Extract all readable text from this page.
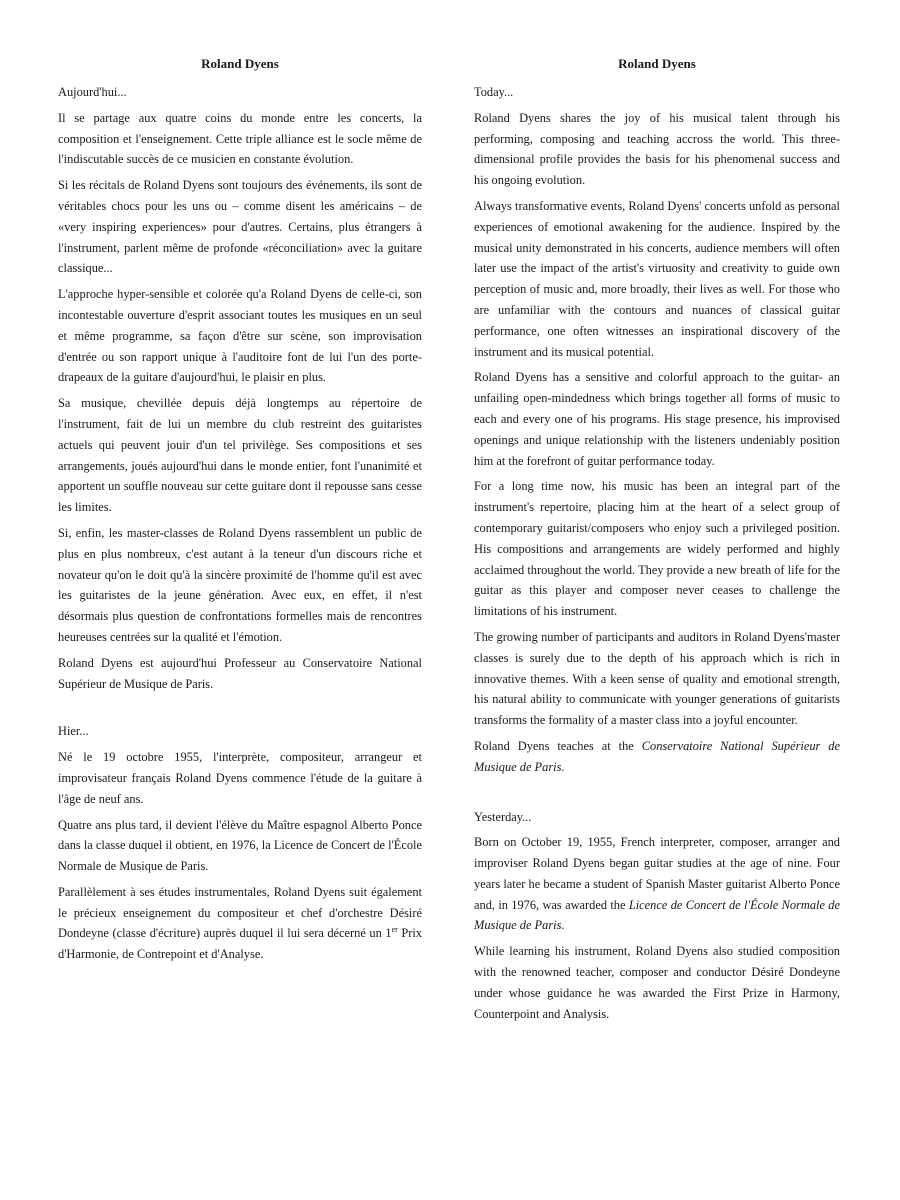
Roland Dyens
Aujourd'hui...
Il se partage aux quatre coins du monde entre les concerts, la composition et l'enseignement. Cette triple alliance est le socle même de l'indiscutable succès de ce musicien en constante évolution.
Si les récitals de Roland Dyens sont toujours des événements, ils sont de véritables chocs pour les uns ou – comme disent les américains – de «very inspiring experiences» pour d'autres. Certains, plus étrangers à l'instrument, parlent même de profonde «réconciliation» avec la guitare classique...
L'approche hyper-sensible et colorée qu'a Roland Dyens de celle-ci, son incontestable ouverture d'esprit associant toutes les musiques en un seul et même programme, sa façon d'être sur scène, son improvisation d'entrée ou son rapport unique à l'auditoire font de lui l'un des porte-drapeaux de la guitare d'aujourd'hui, le plaisir en plus.
Sa musique, chevillée depuis déjà longtemps au répertoire de l'instrument, fait de lui un membre du club restreint des guitaristes actuels qui peuvent jouir d'un tel privilège. Ses compositions et ses arrangements, joués aujourd'hui dans le monde entier, font l'unanimité et apportent un souffle nouveau sur cette guitare dont il repousse sans cesse les limites.
Si, enfin, les master-classes de Roland Dyens rassemblent un public de plus en plus nombreux, c'est autant à la teneur d'un discours riche et novateur qu'on le doit qu'à la sincère proximité de l'homme qu'il est avec les guitaristes de la jeune génération. Avec eux, en effet, il n'est désormais plus question de confrontations formelles mais de rencontres heureuses centrées sur la qualité et l'émotion.
Roland Dyens est aujourd'hui Professeur au Conservatoire National Supérieur de Musique de Paris.
Hier...
Né le 19 octobre 1955, l'interprète, compositeur, arrangeur et improvisateur français Roland Dyens commence l'étude de la guitare à l'âge de neuf ans.
Quatre ans plus tard, il devient l'élève du Maître espagnol Alberto Ponce dans la classe duquel il obtient, en 1976, la Licence de Concert de l'École Normale de Musique de Paris.
Parallèlement à ses études instrumentales, Roland Dyens suit également le précieux enseignement du compositeur et chef d'orchestre Désiré Dondeyne (classe d'écriture) auprès duquel il lui sera décerné un 1er Prix d'Harmonie, de Contrepoint et d'Analyse.
Roland Dyens
Today...
Roland Dyens shares the joy of his musical talent through his performing, composing and teaching accross the world. This three-dimensional profile provides the basis for his phenomenal success and his ongoing evolution.
Always transformative events, Roland Dyens' concerts unfold as personal experiences of emotional awakening for the audience. Inspired by the musical unity demonstrated in his concerts, audience members will often later use the impact of the artist's virtuosity and creativity to guide own perception of music and, more broadly, their lives as well. For those who are unfamiliar with the contours and nuances of classical guitar performance, one often witnesses an inspirational discovery of the instrument and its musical potential.
Roland Dyens has a sensitive and colorful approach to the guitar- an unfailing open-mindedness which brings together all forms of music to each and every one of his programs. His stage presence, his improvised openings and unique relationship with the listeners undeniably position him at the forefront of guitar performance today.
For a long time now, his music has been an integral part of the instrument's repertoire, placing him at the heart of a select group of contemporary guitarist/composers who enjoy such a privileged position. His compositions and arrangements are widely performed and highly acclaimed throughout the world. They provide a new breath of life for the guitar as this player and composer never ceases to challenge the limitations of his instrument.
The growing number of participants and auditors in Roland Dyens'master classes is surely due to the depth of his approach which is rich in innovative themes. With a keen sense of quality and emotional strength, his natural ability to communicate with younger generations of guitarists transforms the formality of a master class into a joyful encounter.
Roland Dyens teaches at the Conservatoire National Supérieur de Musique de Paris.
Yesterday...
Born on October 19, 1955, French interpreter, composer, arranger and improviser Roland Dyens began guitar studies at the age of nine. Four years later he became a student of Spanish Master guitarist Alberto Ponce and, in 1976, was awarded the Licence de Concert de l'École Normale de Musique de Paris.
While learning his instrument, Roland Dyens also studied composition with the renowned teacher, composer and conductor Désiré Dondeyne under whose guidance he was awarded the First Prize in Harmony, Counterpoint and Analysis.
